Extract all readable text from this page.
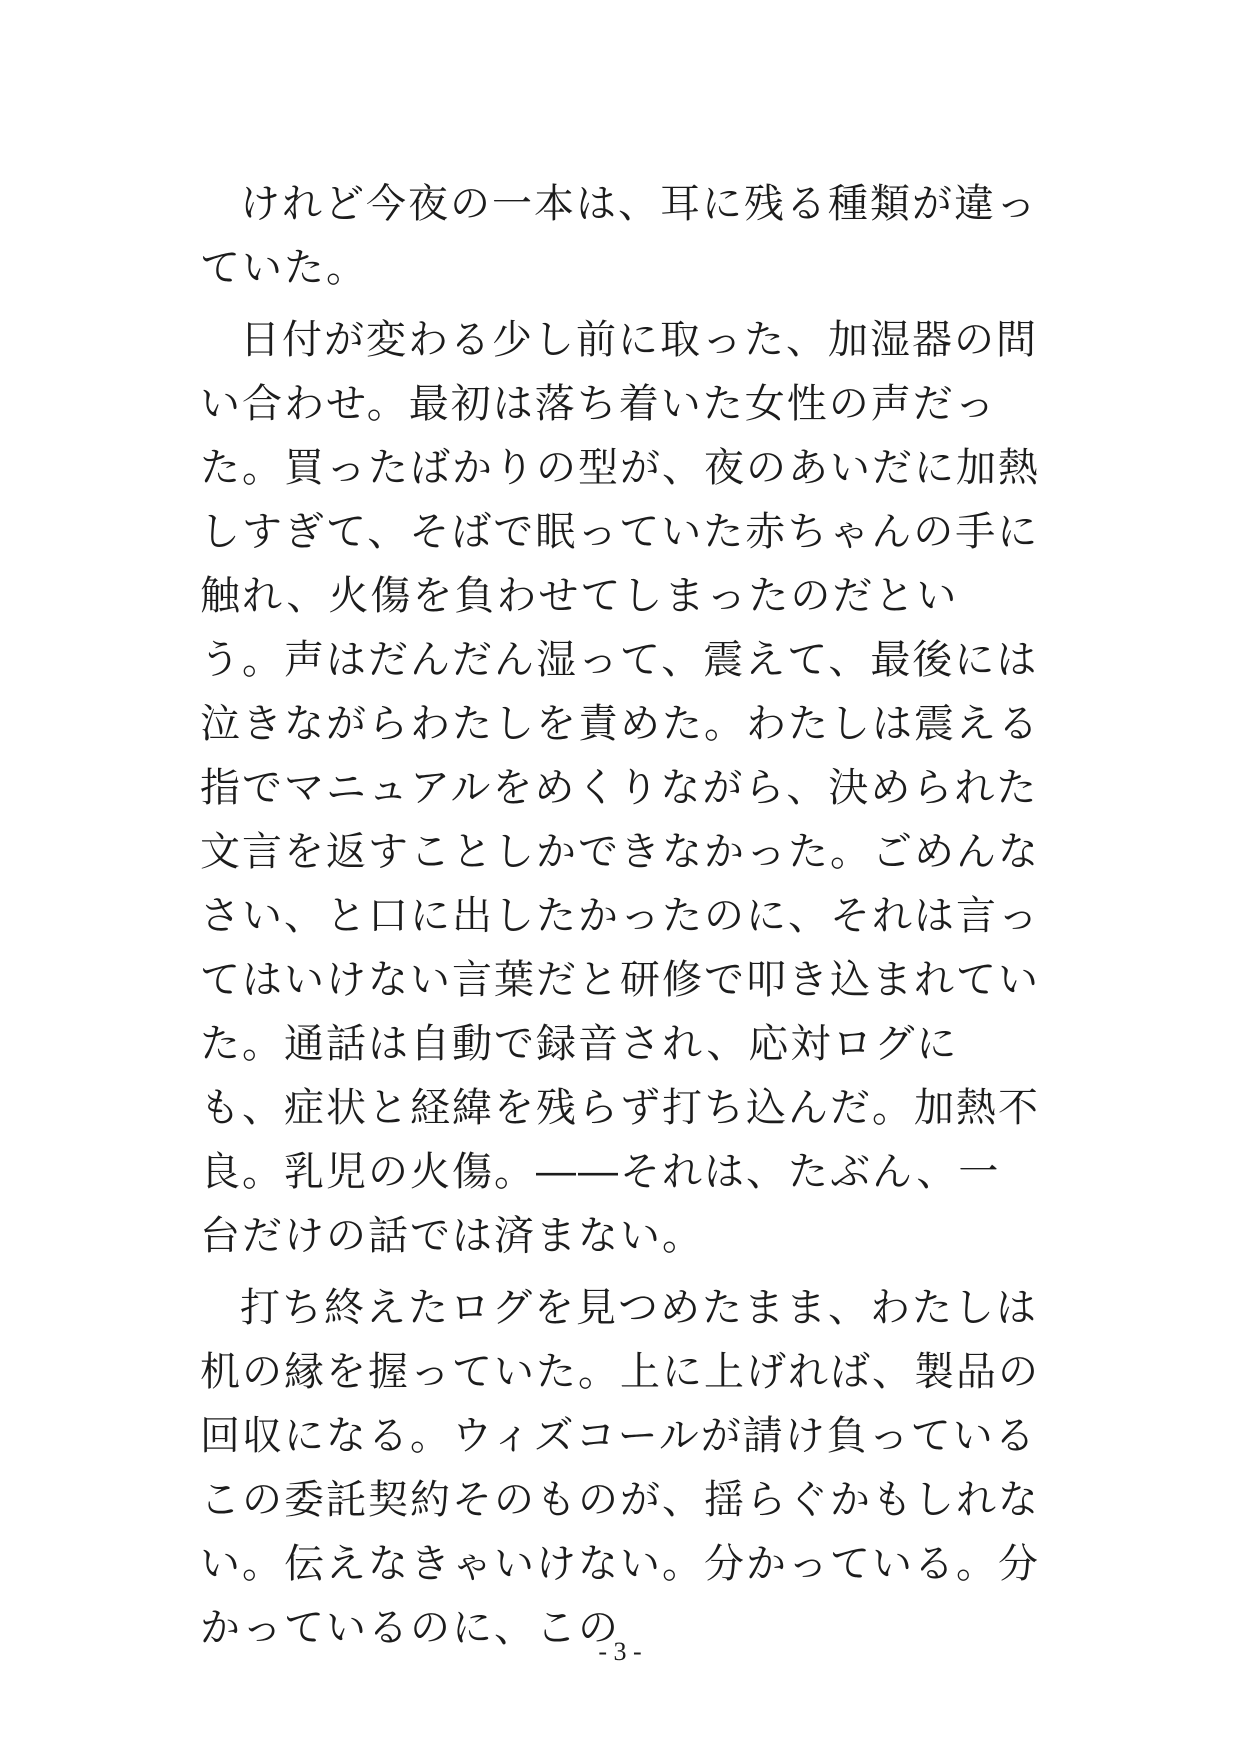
けれど今夜の一本は、耳に残る種類が違っていた。

日付が変わる少し前に取った、加湿器の問い合わせ。最初は落ち着いた女性の声だった。買ったばかりの型が、夜のあいだに加熱しすぎて、そばで眠っていた赤ちゃんの手に触れ、火傷を負わせてしまったのだという。声はだんだん湿って、震えて、最後には泣きながらわたしを責めた。わたしは震える指でマニュアルをめくりながら、決められた文言を返すことしかできなかった。ごめんなさい、と口に出したかったのに、それは言ってはいけない言葉だと研修で叩き込まれていた。通話は自動で録音され、応対ログにも、症状と経緯を残らず打ち込んだ。加熱不良。乳児の火傷。――それは、たぶん、一台だけの話では済まない。

打ち終えたログを見つめたまま、わたしは机の縁を握っていた。上に上げれば、製品の回収になる。ウィズコールが請け負っているこの委託契約そのものが、揺らぐかもしれない。伝えなきゃいけない。分かっている。分かっているのに、この

- 3 -
